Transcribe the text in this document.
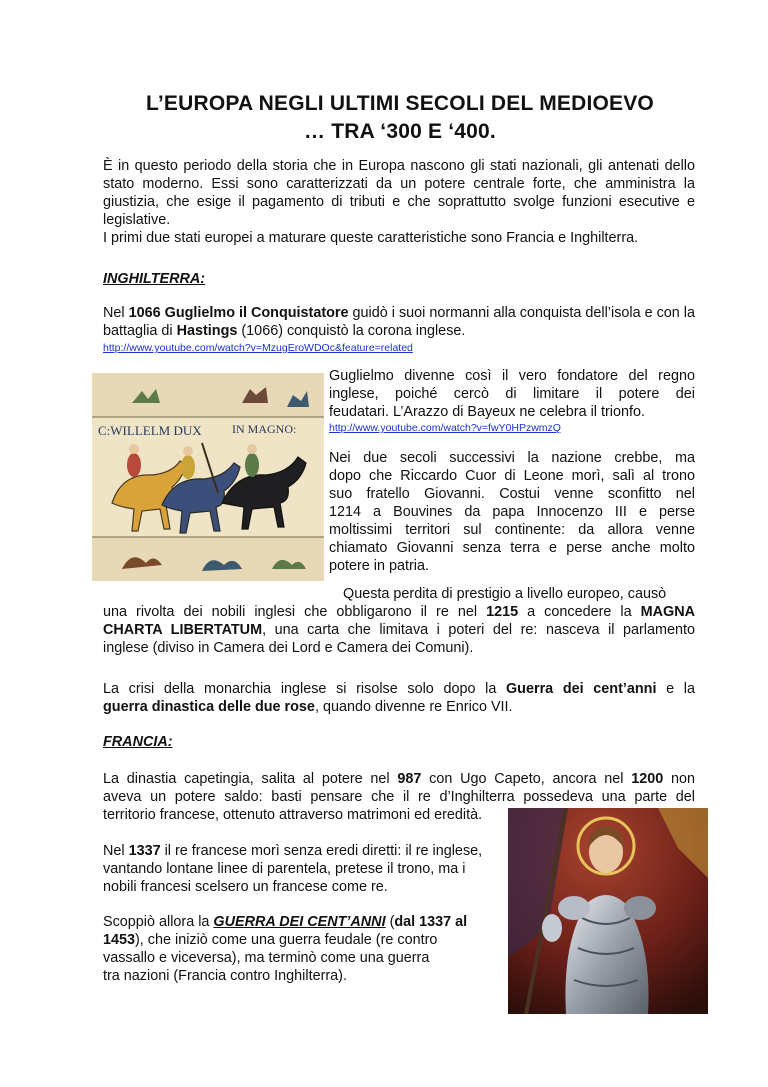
L’EUROPA NEGLI ULTIMI SECOLI DEL MEDIOEVO
… TRA ‘300 E ‘400.
È in questo periodo della storia che in Europa nascono gli stati nazionali, gli antenati dello stato moderno. Essi sono caratterizzati da un potere centrale forte, che amministra la giustizia, che esige il pagamento di tributi e che soprattutto svolge funzioni esecutive e legislative.
I primi due stati europei a maturare queste caratteristiche sono Francia e Inghilterra.
INGHILTERRA:
Nel 1066 Guglielmo il Conquistatore guidò i suoi normanni alla conquista dell’isola e con la battaglia di Hastings (1066) conquistò la corona inglese.
http://www.youtube.com/watch?v=MzugEroWDOc&feature=related
C:WILLELM DUX	IN MAGNO:
Guglielmo divenne così il vero fondatore del regno
inglese, poiché cercò di limitare il potere dei
feudatari. L’Arazzo di Bayeux ne celebra il trionfo.
http://www.youtube.com/watch?v=fwY0HPzwmzQ
Nei due secoli successivi la nazione crebbe, ma
dopo che Riccardo Cuor di Leone morì, salì al trono
suo fratello Giovanni. Costui venne sconfitto nel
1214 a Bouvines da papa Innocenzo III e perse
moltissimi territori sul continente: da allora venne
chiamato Giovanni senza terra e perse anche molto
potere in patria.
Questa perdita di prestigio a livello europeo, causò
una rivolta dei nobili inglesi che obbligarono il re nel 1215 a concedere la MAGNA
CHARTA LIBERTATUM, una carta che limitava i poteri del re: nasceva il parlamento
inglese (diviso in Camera dei Lord e Camera dei Comuni).
La crisi della monarchia inglese si risolse solo dopo la Guerra dei cent’anni e la
guerra dinastica delle due rose, quando divenne re Enrico VII.
FRANCIA:
La dinastia capetingia, salita al potere nel 987 con Ugo Capeto, ancora nel 1200 non
aveva un potere saldo: basti pensare che il re d’Inghilterra possedeva una parte del
territorio francese, ottenuto attraverso matrimoni ed eredità.
Nel 1337 il re francese morì senza eredi diretti: il re inglese,
vantando lontane linee di parentela, pretese il trono, ma i
nobili francesi scelsero un francese come re.
Scoppiò allora la GUERRA DEI CENT’ANNI (dal 1337 al
1453), che iniziò come una guerra feudale (re contro
vassallo e viceversa), ma terminò come una guerra
tra nazioni (Francia contro Inghilterra).
